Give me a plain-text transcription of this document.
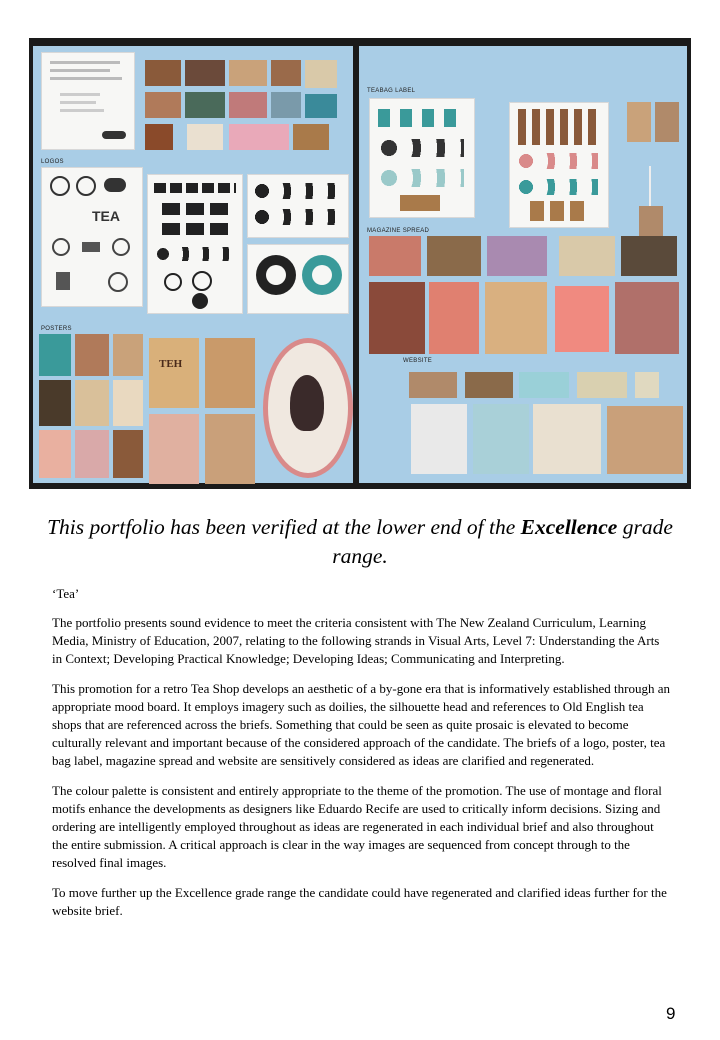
LOGOS
TEA
POSTERS
TEH
TEABAG LABEL
MAGAZINE SPREAD
WEBSITE
This portfolio has been verified at the lower end of the Excellence grade range.
‘Tea’

The portfolio presents sound evidence to meet the criteria consistent with The New Zealand Curriculum, Learning Media, Ministry of Education, 2007, relating to the following strands in Visual Arts, Level 7: Understanding the Arts in Context; Developing Practical Knowledge; Developing Ideas; Communicating and Interpreting.

This promotion for a retro Tea Shop develops an aesthetic of a by-gone era that is informatively established through an appropriate mood board. It employs imagery such as doilies, the silhouette head and references to Old English tea shops that are referenced across the briefs. Something that could be seen as quite prosaic is elevated to become culturally relevant and important because of the considered approach of the candidate. The briefs of a logo, poster, tea bag label, magazine spread and website are sensitively considered as ideas are clarified and regenerated.

The colour palette is consistent and entirely appropriate to the theme of the promotion. The use of montage and floral motifs enhance the developments as designers like Eduardo Recife are used to critically inform decisions. Sizing and ordering are intelligently employed throughout as ideas are regenerated in each individual brief and also throughout the entire submission. A critical approach is clear in the way images are sequenced from concept through to the resolved final images.

To move further up the Excellence grade range the candidate could have regenerated and clarified ideas further for the website brief.

9
